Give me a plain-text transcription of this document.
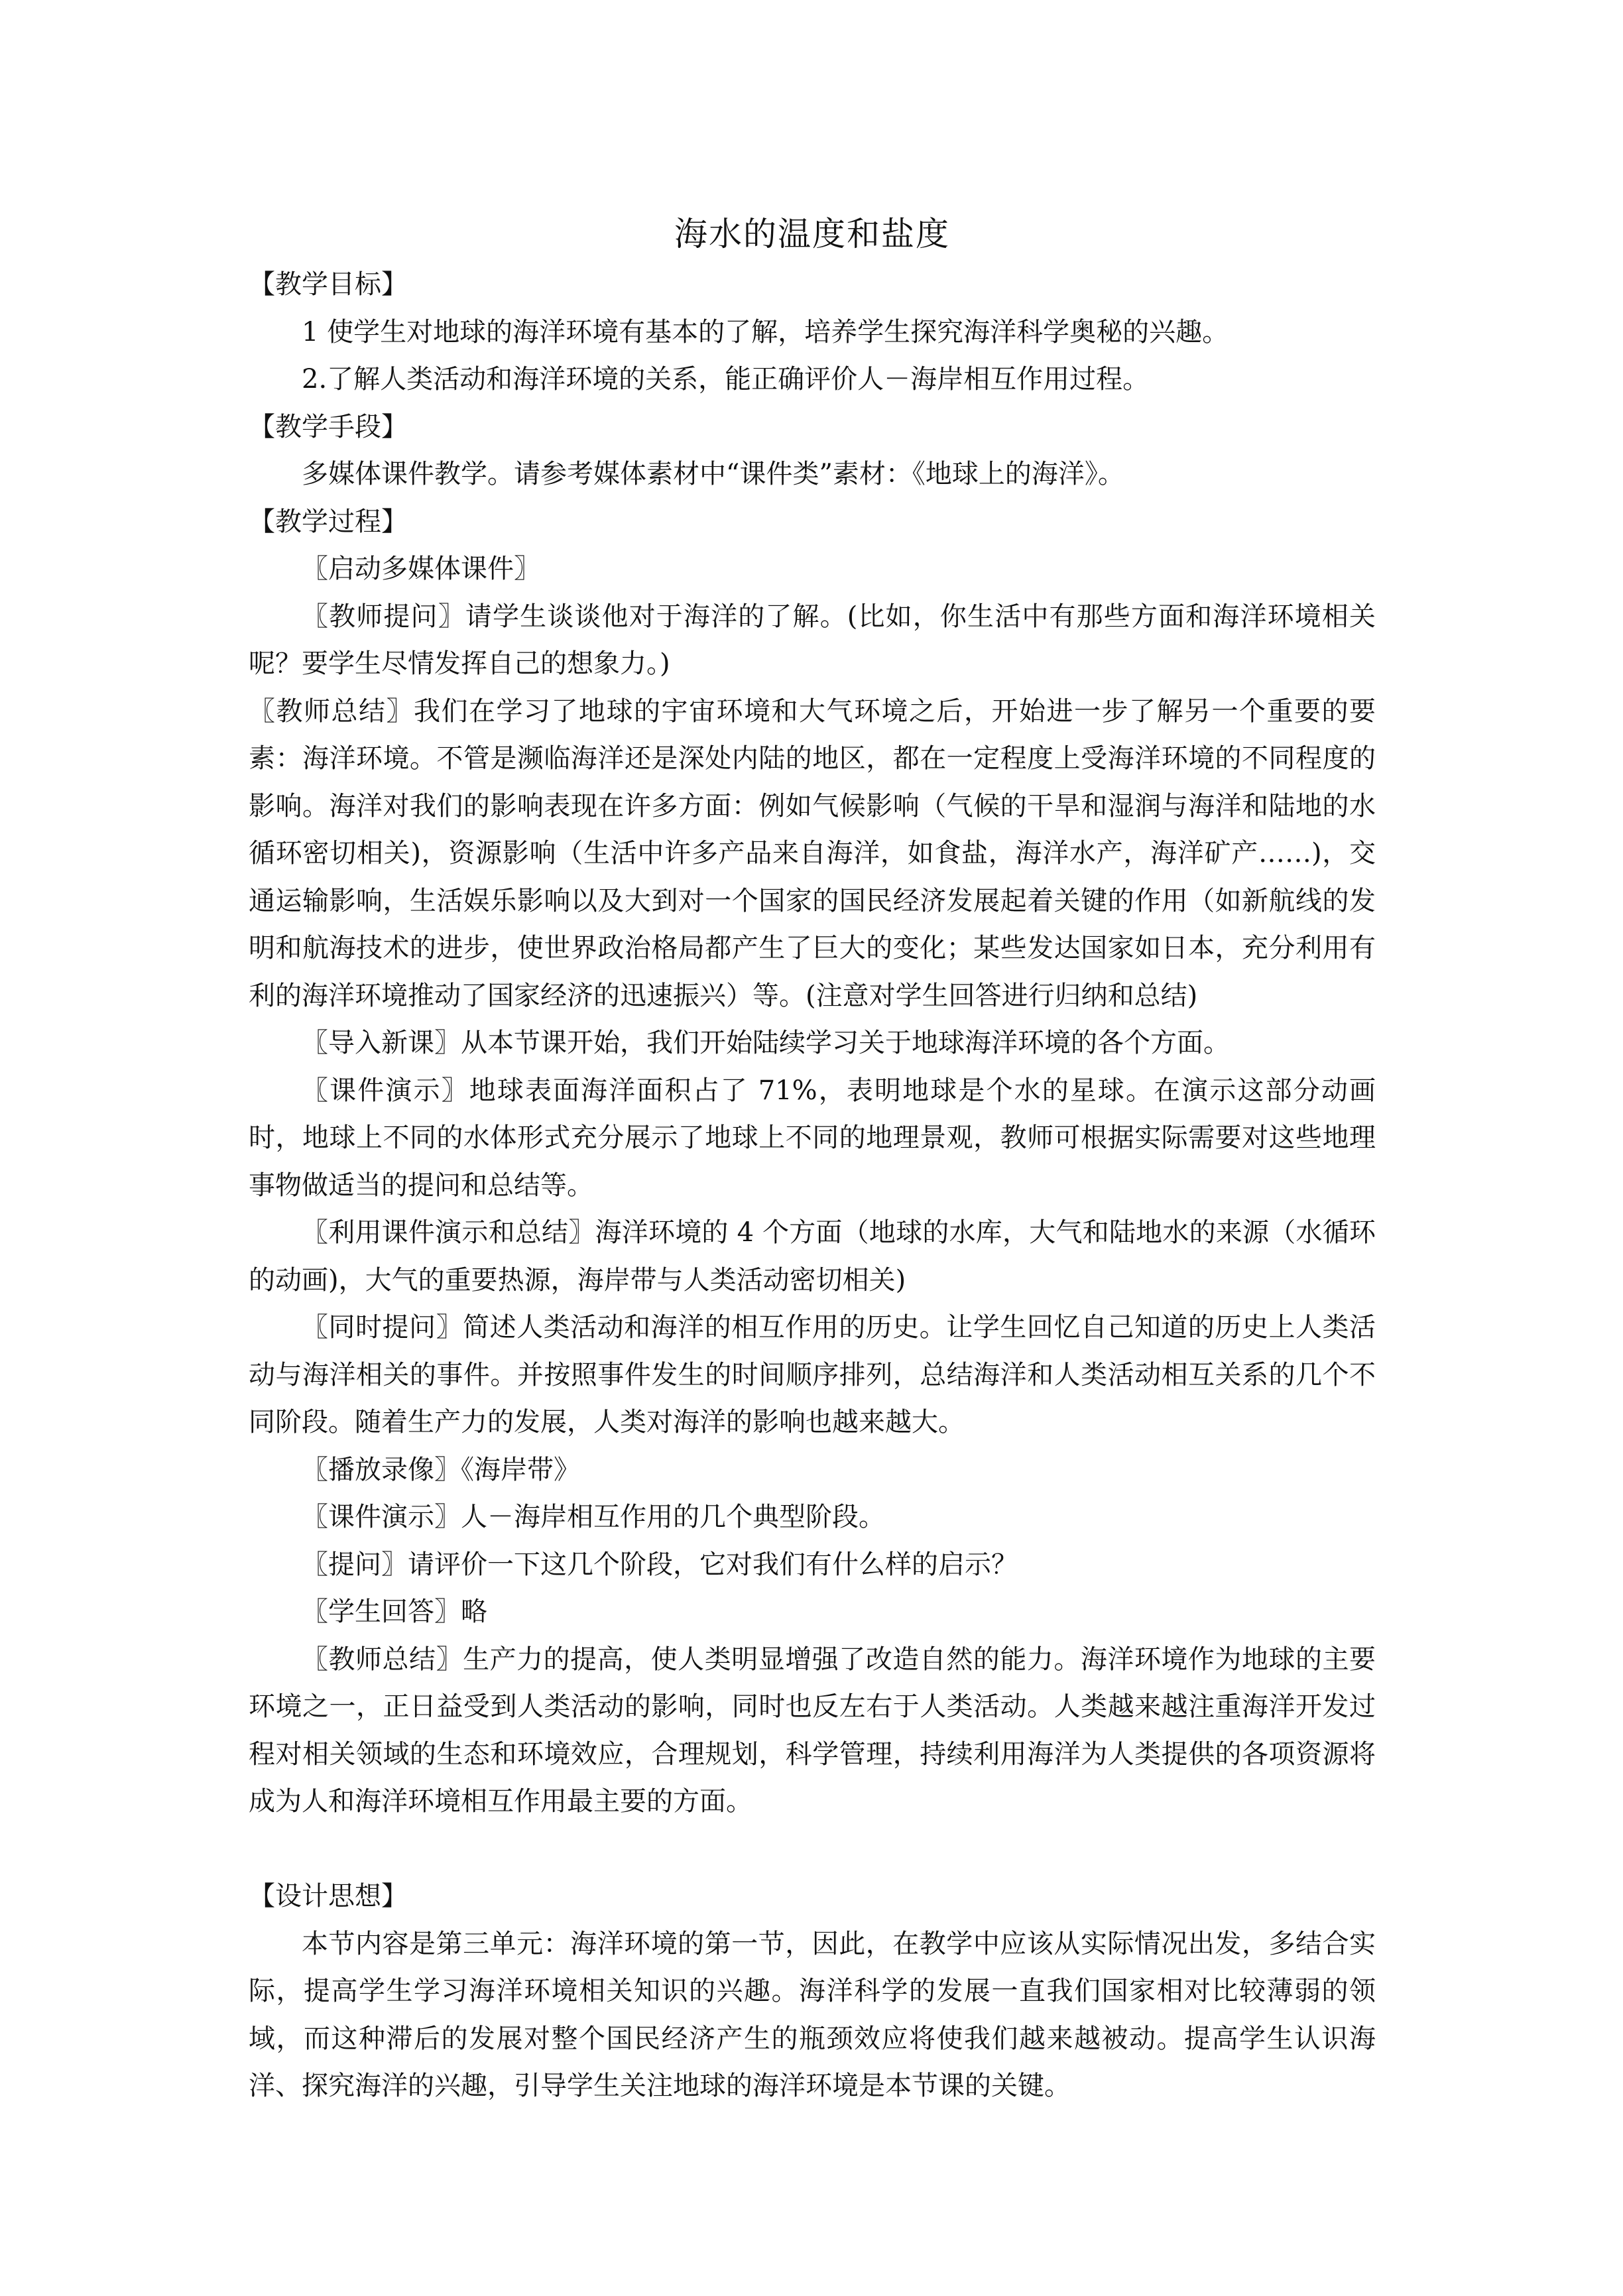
海水的温度和盐度

【教学目标】

1 使学生对地球的海洋环境有基本的了解，培养学生探究海洋科学奥秘的兴趣。

2.了解人类活动和海洋环境的关系，能正确评价人－海岸相互作用过程。

【教学手段】

多媒体课件教学。请参考媒体素材中“课件类”素材：《地球上的海洋》。

【教学过程】

〖启动多媒体课件〗

〖教师提问〗请学生谈谈他对于海洋的了解。(比如，你生活中有那些方面和海洋环境相关呢？要学生尽情发挥自己的想象力。)

〖教师总结〗我们在学习了地球的宇宙环境和大气环境之后，开始进一步了解另一个重要的要素：海洋环境。不管是濒临海洋还是深处内陆的地区，都在一定程度上受海洋环境的不同程度的影响。海洋对我们的影响表现在许多方面：例如气候影响（气候的干旱和湿润与海洋和陆地的水循环密切相关)，资源影响（生活中许多产品来自海洋，如食盐，海洋水产，海洋矿产……)，交通运输影响，生活娱乐影响以及大到对一个国家的国民经济发展起着关键的作用（如新航线的发明和航海技术的进步，使世界政治格局都产生了巨大的变化；某些发达国家如日本，充分利用有利的海洋环境推动了国家经济的迅速振兴）等。(注意对学生回答进行归纳和总结)

〖导入新课〗从本节课开始，我们开始陆续学习关于地球海洋环境的各个方面。

〖课件演示〗地球表面海洋面积占了 71%，表明地球是个水的星球。在演示这部分动画时，地球上不同的水体形式充分展示了地球上不同的地理景观，教师可根据实际需要对这些地理事物做适当的提问和总结等。

〖利用课件演示和总结〗海洋环境的 4 个方面（地球的水库，大气和陆地水的来源（水循环的动画)，大气的重要热源，海岸带与人类活动密切相关)

〖同时提问〗简述人类活动和海洋的相互作用的历史。让学生回忆自己知道的历史上人类活动与海洋相关的事件。并按照事件发生的时间顺序排列，总结海洋和人类活动相互关系的几个不同阶段。随着生产力的发展，人类对海洋的影响也越来越大。

〖播放录像〗《海岸带》

〖课件演示〗人－海岸相互作用的几个典型阶段。

〖提问〗请评价一下这几个阶段，它对我们有什么样的启示？

〖学生回答〗略

〖教师总结〗生产力的提高，使人类明显增强了改造自然的能力。海洋环境作为地球的主要环境之一，正日益受到人类活动的影响，同时也反左右于人类活动。人类越来越注重海洋开发过程对相关领域的生态和环境效应，合理规划，科学管理，持续利用海洋为人类提供的各项资源将成为人和海洋环境相互作用最主要的方面。

【设计思想】

本节内容是第三单元：海洋环境的第一节，因此，在教学中应该从实际情况出发，多结合实际，提高学生学习海洋环境相关知识的兴趣。海洋科学的发展一直我们国家相对比较薄弱的领域，而这种滞后的发展对整个国民经济产生的瓶颈效应将使我们越来越被动。提高学生认识海洋、探究海洋的兴趣，引导学生关注地球的海洋环境是本节课的关键。
